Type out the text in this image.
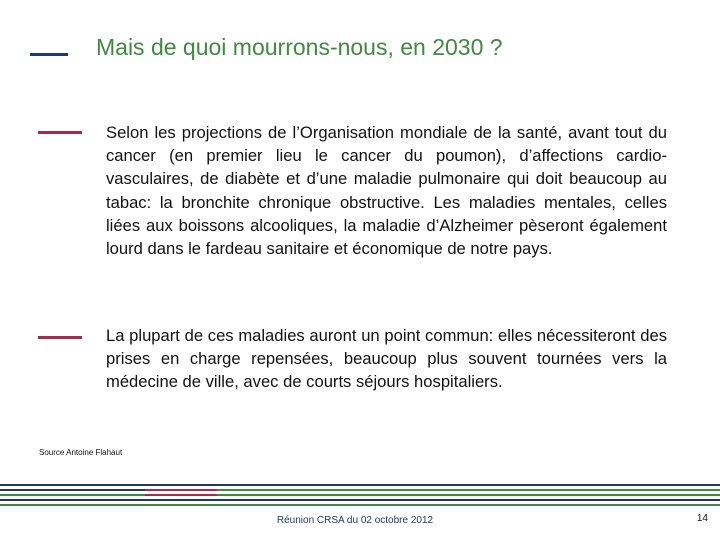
Mais de quoi mourrons-nous, en 2030 ?
Selon les projections de l’Organisation mondiale de la santé, avant tout du cancer (en premier lieu le cancer du poumon), d’affections cardio-vasculaires, de diabète et d’une maladie pulmonaire qui doit beaucoup au tabac: la bronchite chronique obstructive. Les maladies mentales, celles liées aux boissons alcooliques, la maladie d’Alzheimer pèseront également lourd dans le fardeau sanitaire et économique de notre pays.
La plupart de ces maladies auront un point commun: elles nécessiteront des prises en charge repensées, beaucoup plus souvent tournées vers la médecine de ville, avec de courts séjours hospitaliers.
Source Antoine Flahaut
Réunion CRSA du 02 octobre 2012	14
